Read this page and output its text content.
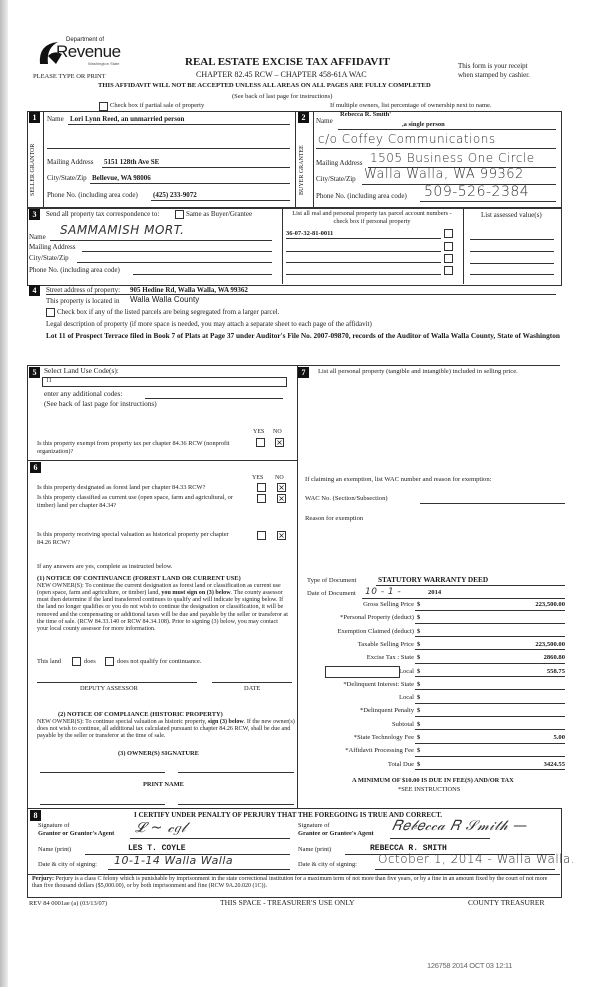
Department of
Revenue
Washington State
PLEASE TYPE OR PRINT
REAL ESTATE EXCISE TAX AFFIDAVIT
CHAPTER 82.45 RCW – CHAPTER 458-61A WAC
THIS AFFIDAVIT WILL NOT BE ACCEPTED UNLESS ALL AREAS ON ALL PAGES ARE FULLY COMPLETED
(See back of last page for instructions)
This form is your receipt
when stamped by cashier.
Check box if partial sale of property	If multiple owners, list percentage of ownership next to name.
1
SELLER GRANTOR
Name Lori Lynn Reed, an unmarried person
Mailing Address 5151 128th Ave SE
City/State/Zip Bellevue, WA 98006
Phone No. (including area code) (425) 233-9072
2
BUYER GRANTEE
Name
Rebecca R. Smith'
,a single person
c/o Coffey Communications
Mailing Address 1505 Business One Circle
City/State/Zip Walla Walla, WA 99362
Phone No. (including area code) 509-526-2384
3	Send all property tax correspondence to:	Same as Buyer/Grantee
Name SAMMAMISH MORT.
Mailing Address
City/State/Zip
Phone No. (including area code)
List all real and personal property tax parcel account numbers - check box if personal property
36-07-32-81-0011
List assessed value(s)
4	Street address of property: 905 Hedine Rd, Walla Walla, WA 99362
This property is located in Walla Walla County
Check box if any of the listed parcels are being segregated from a larger parcel.
Legal description of property (if more space is needed, you may attach a separate sheet to each page of the affidavit)
Lot 11 of Prospect Terrace filed in Book 7 of Plats at Page 37 under Auditor's File No. 2007-09870, records of the Auditor of Walla Walla County, State of Washington
5	Select Land Use Code(s):
11
enter any additional codes:
(See back of last page for instructions)
YES NO
Is this property exempt from property tax per chapter 84.36 RCW (nonprofit organization)?
×
6
YES NO
Is this property designated as forest land per chapter 84.33 RCW?	×
Is this property classified as current use (open space, farm and agricultural, or timber) land per chapter 84.34?
×
Is this property receiving special valuation as historical property per chapter 84.26 RCW?
×
If any answers are yes, complete as instructed below.
(1) NOTICE OF CONTINUANCE (FOREST LAND OR CURRENT USE)
NEW OWNER(S): To continue the current designation as forest land or classification as current use (open space, farm and agriculture, or timber) land, you must sign on (3) below. The county assessor must then determine if the land transferred continues to qualify and will indicate by signing below. If the land no longer qualifies or you do not wish to continue the designation or classification, it will be removed and the compensating or additional taxes will be due and payable by the seller or transferor at the time of sale. (RCW 84.33.140 or RCW 84.34.108). Prior to signing (3) below, you may contact your local county assessor for more information.
This land	does	does not qualify for continuance.
DEPUTY ASSESSOR	DATE
(2) NOTICE OF COMPLIANCE (HISTORIC PROPERTY)
NEW OWNER(S): To continue special valuation as historic property, sign (3) below. If the new owner(s) does not wish to continue, all additional tax calculated pursuant to chapter 84.26 RCW, shall be due and payable by the seller or transferor at the time of sale.
(3) OWNER(S) SIGNATURE
PRINT NAME
7	List all personal property (tangible and intangible) included in selling price.
If claiming an exemption, list WAC number and reason for exemption:
WAC No. (Section/Subsection)
Reason for exemption
Type of Document	STATUTORY WARRANTY DEED
Date of Document 10 - 1 -	2014
Gross Selling Price $	223,500.00
*Personal Property (deduct) $
Exemption Claimed (deduct) $
Taxable Selling Price $	223,500.00
Excise Tax : State $	2860.80
Local $	558.75
*Delinquent Interest: State $
Local $
*Delinquent Penalty $
Subtotal $
*State Technology Fee $	5.00
*Affidavit Processing Fee $
Total Due $	3424.55
A MINIMUM OF $10.00 IS DUE IN FEE(S) AND/OR TAX
*SEE INSTRUCTIONS
8	I CERTIFY UNDER PENALTY OF PERJURY THAT THE FOREGOING IS TRUE AND CORRECT.
Signature of
Grantor or Grantor's Agent 𝓛 ~ 𝒸𝑔𝓁
Name (print)	LES T. COYLE
Date & city of signing: 10-1-14 Walla Walla
Signature of
Grantee or Grantee's Agent 𝑅𝑒𝒷𝑒𝒸𝒸𝒶 𝑅 𝒮𝓂𝒾𝓉𝒽 —
Name (print)	REBECCA R. SMITH
Date & city of signing: October 1, 2014 - Walla Walla.
Perjury: Perjury is a class C felony which is punishable by imprisonment in the state correctional institution for a maximum term of not more than five years, or by a fine in an amount fixed by the court of not more than five thousand dollars ($5,000.00), or by both imprisonment and fine (RCW 9A.20.020 (1C)).
REV 84 0001ae (a) (03/13/07)	THIS SPACE - TREASURER'S USE ONLY	COUNTY TREASURER
126758 2014 OCT 03 12:11
